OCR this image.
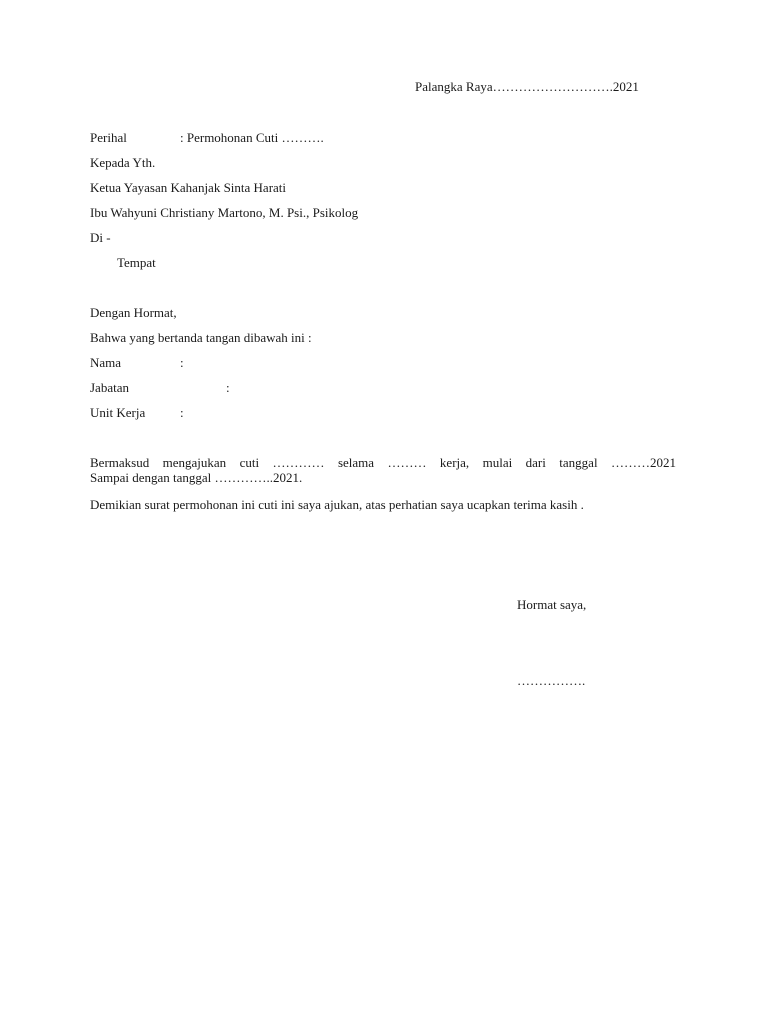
Palangka Raya……………………….2021
Perihal	: Permohonan Cuti ……….
Kepada Yth.
Ketua Yayasan Kahanjak Sinta Harati
Ibu Wahyuni Christiany Martono, M. Psi., Psikolog
Di -
Tempat
Dengan Hormat,
Bahwa yang bertanda tangan dibawah ini :
Nama	:
Jabatan	:
Unit Kerja	:
Bermaksud mengajukan cuti ………… selama ……… kerja, mulai dari tanggal ………2021
Sampai dengan tanggal …………..2021.
Demikian surat permohonan ini cuti ini saya ajukan, atas perhatian saya ucapkan terima kasih .
Hormat saya,
…………….
